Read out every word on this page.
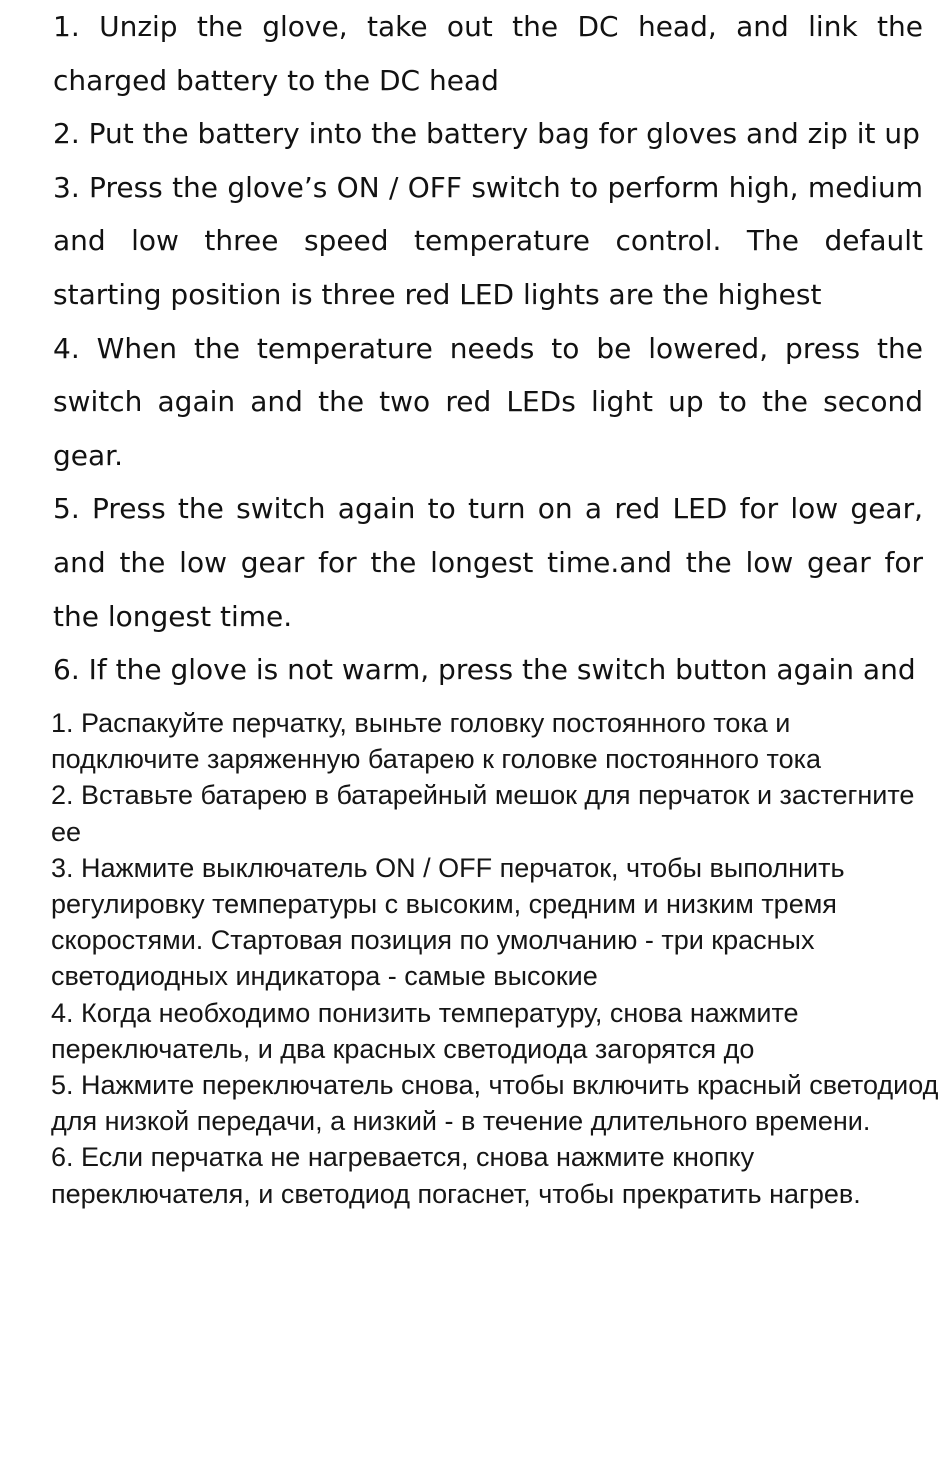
1. Unzip the glove, take out the DC head, and link the charged battery to the DC head

2. Put the battery into the battery bag for gloves and zip it up

3. Press the glove’s ON / OFF switch to perform high, medium and low three speed temperature control. The default starting position is three red LED lights are the highest

4. When the temperature needs to be lowered, press the switch again and the two red LEDs light up to the second gear.

5. Press the switch again to turn on a red LED for low gear, and the low gear for the longest time.and the low gear for the longest time.

6. If the glove is not warm, press the switch button again and

1. Распакуйте перчатку, выньте головку постоянного тока и подключите заряженную батарею к головке постоянного тока

2. Вставьте батарею в батарейный мешок для перчаток и застегните ее

3. Нажмите выключатель ON / OFF перчаток, чтобы выполнить регулировку температуры с высоким, средним и низким тремя скоростями. Стартовая позиция по умолчанию - три красных светодиодных индикатора - самые высокие

4. Когда необходимо понизить температуру, снова нажмите переключатель, и два красных светодиода загорятся до

5. Нажмите переключатель снова, чтобы включить красный светодиод для низкой передачи, а низкий - в течение длительного времени.

6. Если перчатка не нагревается, снова нажмите кнопку переключателя, и светодиод погаснет, чтобы прекратить нагрев.
